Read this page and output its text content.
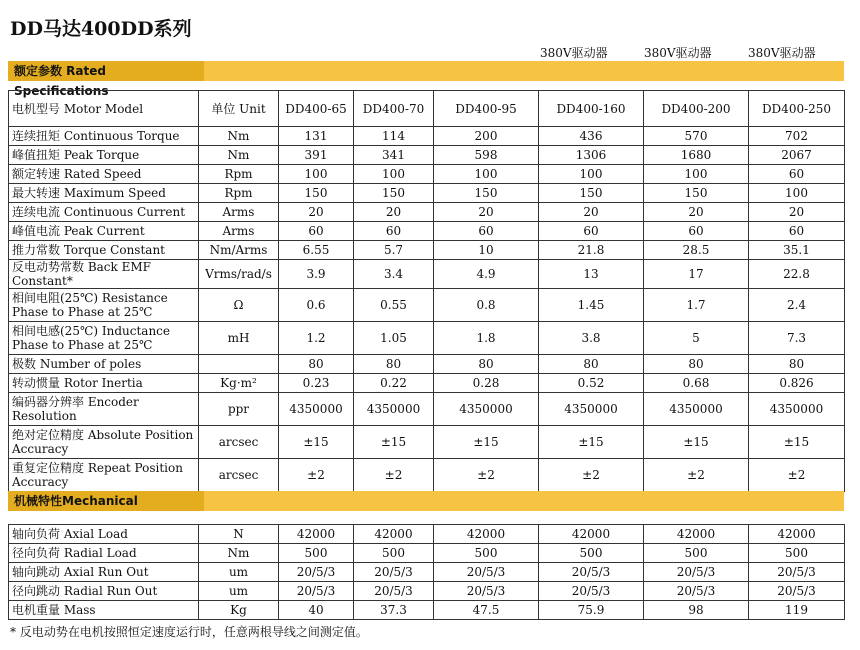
DD马达400DD系列
380V驱动器	380V驱动器	380V驱动器
额定参数 Rated Specifications
电机型号 Motor Model	单位 Unit	DD400-65	DD400-70	DD400-95	DD400-160	DD400-200	DD400-250
连续扭矩 Continuous Torque	Nm	131	114	200	436	570	702
峰值扭矩 Peak Torque	Nm	391	341	598	1306	1680	2067
额定转速 Rated Speed	Rpm	100	100	100	100	100	60
最大转速 Maximum Speed	Rpm	150	150	150	150	150	100
连续电流 Continuous Current	Arms	20	20	20	20	20	20
峰值电流 Peak Current	Arms	60	60	60	60	60	60
推力常数 Torque Constant	Nm/Arms	6.55	5.7	10	21.8	28.5	35.1
反电动势常数 Back EMF Constant*	Vrms/rad/s	3.9	3.4	4.9	13	17	22.8
相间电阻(25℃) Resistance Phase to Phase at 25℃	Ω	0.6	0.55	0.8	1.45	1.7	2.4
相间电感(25℃) Inductance Phase to Phase at 25℃	mH	1.2	1.05	1.8	3.8	5	7.3
极数 Number of poles		80	80	80	80	80	80
转动惯量 Rotor Inertia	Kg·m²	0.23	0.22	0.28	0.52	0.68	0.826
编码器分辨率 Encoder Resolution	ppr	4350000	4350000	4350000	4350000	4350000	4350000
绝对定位精度 Absolute Position Accuracy	arcsec	±15	±15	±15	±15	±15	±15
重复定位精度 Repeat Position Accuracy	arcsec	±2	±2	±2	±2	±2	±2
机械特性Mechanical
轴向负荷 Axial Load	N	42000	42000	42000	42000	42000	42000
径向负荷 Radial Load	Nm	500	500	500	500	500	500
轴向跳动 Axial Run Out	um	20/5/3	20/5/3	20/5/3	20/5/3	20/5/3	20/5/3
径向跳动 Radial Run Out	um	20/5/3	20/5/3	20/5/3	20/5/3	20/5/3	20/5/3
电机重量 Mass	Kg	40	37.3	47.5	75.9	98	119
* 反电动势在电机按照恒定速度运行时，任意两根导线之间测定值。
